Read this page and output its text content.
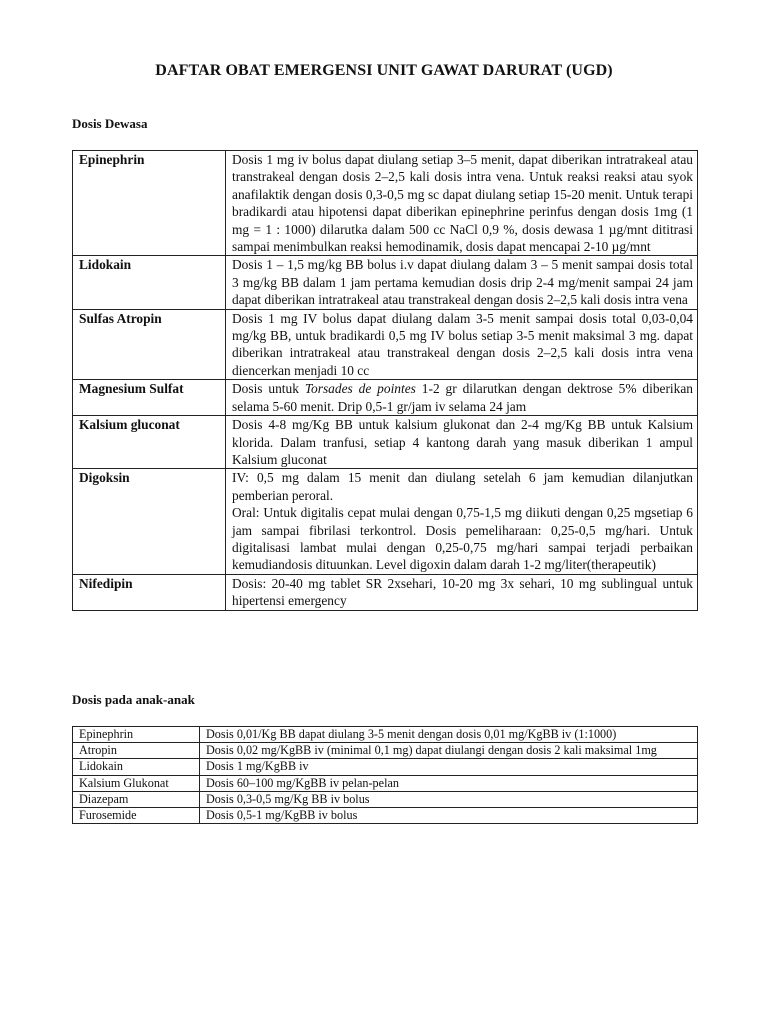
DAFTAR OBAT EMERGENSI UNIT GAWAT DARURAT (UGD)

Dosis Dewasa

Epinephrin	Dosis 1 mg iv bolus dapat diulang setiap 3–5 menit, dapat diberikan intratrakeal atau transtrakeal dengan dosis 2–2,5 kali dosis intra vena. Untuk reaksi reaksi atau syok anafilaktik dengan dosis 0,3-0,5 mg sc dapat diulang setiap 15-20 menit. Untuk terapi bradikardi atau hipotensi dapat diberikan epinephrine perinfus dengan dosis 1mg (1 mg = 1 : 1000) dilarutka dalam 500 cc NaCl 0,9 %, dosis dewasa 1 µg/mnt dititrasi sampai menimbulkan reaksi hemodinamik, dosis dapat mencapai 2-10 µg/mnt
Lidokain	Dosis 1 – 1,5 mg/kg BB bolus i.v dapat diulang dalam 3 – 5 menit sampai dosis total 3 mg/kg BB dalam 1 jam pertama kemudian dosis drip 2-4 mg/menit sampai 24 jam dapat diberikan intratrakeal atau transtrakeal dengan dosis 2–2,5 kali dosis intra vena
Sulfas Atropin	Dosis 1 mg IV bolus dapat diulang dalam 3-5 menit sampai dosis total 0,03-0,04 mg/kg BB, untuk bradikardi 0,5 mg IV bolus setiap 3-5 menit maksimal 3 mg. dapat diberikan intratrakeal atau transtrakeal dengan dosis 2–2,5 kali dosis intra vena diencerkan menjadi 10 cc
Magnesium Sulfat	Dosis untuk Torsades de pointes 1-2 gr dilarutkan dengan dektrose 5% diberikan selama 5-60 menit. Drip 0,5-1 gr/jam iv selama 24 jam
Kalsium gluconat	Dosis 4-8 mg/Kg BB untuk kalsium glukonat dan 2-4 mg/Kg BB untuk Kalsium klorida. Dalam tranfusi, setiap 4 kantong darah yang masuk diberikan 1 ampul Kalsium gluconat
Digoksin	IV: 0,5 mg dalam 15 menit dan diulang setelah 6 jam kemudian dilanjutkan pemberian peroral.
Oral: Untuk digitalis cepat mulai dengan 0,75-1,5 mg diikuti dengan 0,25 mgsetiap 6 jam sampai fibrilasi terkontrol. Dosis pemeliharaan: 0,25-0,5 mg/hari. Untuk digitalisasi lambat mulai dengan 0,25-0,75 mg/hari sampai terjadi perbaikan kemudiandosis dituunkan. Level digoxin dalam darah 1-2 mg/liter(therapeutik)

Nifedipin	Dosis: 20-40 mg tablet SR 2xsehari, 10-20 mg 3x sehari, 10 mg sublingual untuk hipertensi emergency

Dosis pada anak-anak

Epinephrin	Dosis 0,01/Kg BB dapat diulang 3-5 menit dengan dosis 0,01 mg/KgBB iv (1:1000)
Atropin	Dosis 0,02 mg/KgBB iv (minimal 0,1 mg) dapat diulangi dengan dosis 2 kali maksimal 1mg
Lidokain	Dosis 1 mg/KgBB iv
Kalsium Glukonat	Dosis 60–100 mg/KgBB iv pelan-pelan
Diazepam	Dosis 0,3-0,5 mg/Kg BB iv bolus
Furosemide	Dosis 0,5-1 mg/KgBB iv bolus
